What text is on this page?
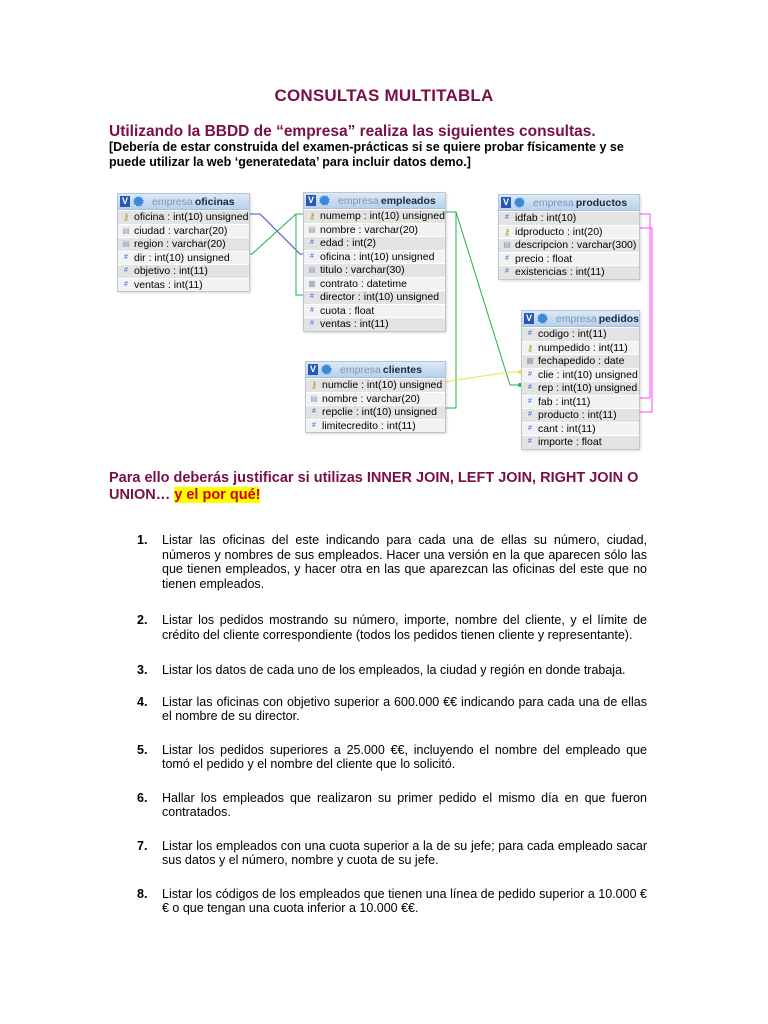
CONSULTAS MULTITABLA
Utilizando la BBDD de “empresa” realiza las siguientes consultas.
[Debería de estar construida del examen-prácticas si se quiere probar físicamente y se puede utilizar la web ‘generatedata’ para incluir datos demo.]
V empresa oficinas
⚷ oficina : int(10) unsigned
▤ ciudad : varchar(20)
▤ region : varchar(20)
# dir : int(10) unsigned
# objetivo : int(11)
# ventas : int(11)
V empresa empleados
⚷ numemp : int(10) unsigned
▤ nombre : varchar(20)
# edad : int(2)
# oficina : int(10) unsigned
▤ titulo : varchar(30)
▦ contrato : datetime
# director : int(10) unsigned
# cuota : float
# ventas : int(11)
V empresa productos
# idfab : int(10)
⚷ idproducto : int(20)
▤ descripcion : varchar(300)
# precio : float
# existencias : int(11)
V empresa clientes
⚷ numclie : int(10) unsigned
▤ nombre : varchar(20)
# repclie : int(10) unsigned
# limitecredito : int(11)
V empresa pedidos
# codigo : int(11)
⚷ numpedido : int(11)
▦ fechapedido : date
# clie : int(10) unsigned
# rep : int(10) unsigned
# fab : int(11)
# producto : int(11)
# cant : int(11)
# importe : float
Para ello deberás justificar si utilizas INNER JOIN, LEFT JOIN, RIGHT JOIN O UNION… y el por qué!
1.	Listar las oficinas del este indicando para cada una de ellas su número, ciudad, números y nombres de sus empleados. Hacer una versión en la que aparecen sólo las que tienen empleados, y hacer otra en las que aparezcan las oficinas del este que no tienen empleados.
2.	Listar los pedidos mostrando su número, importe, nombre del cliente, y el límite de crédito del cliente correspondiente (todos los pedidos tienen cliente y representante).
3.	Listar los datos de cada uno de los empleados, la ciudad y región en donde trabaja.
4.	Listar las oficinas con objetivo superior a 600.000 €€ indicando para cada una de ellas el nombre de su director.
5.	Listar los pedidos superiores a 25.000 €€, incluyendo el nombre del empleado que tomó el pedido y el nombre del cliente que lo solicitó.
6.	Hallar los empleados que realizaron su primer pedido el mismo día en que fueron contratados.
7.	Listar los empleados con una cuota superior a la de su jefe; para cada empleado sacar sus datos y el número, nombre y cuota de su jefe.
8.	Listar los códigos de los empleados que tienen una línea de pedido superior a 10.000 €€ o que tengan una cuota inferior a 10.000 €€.
